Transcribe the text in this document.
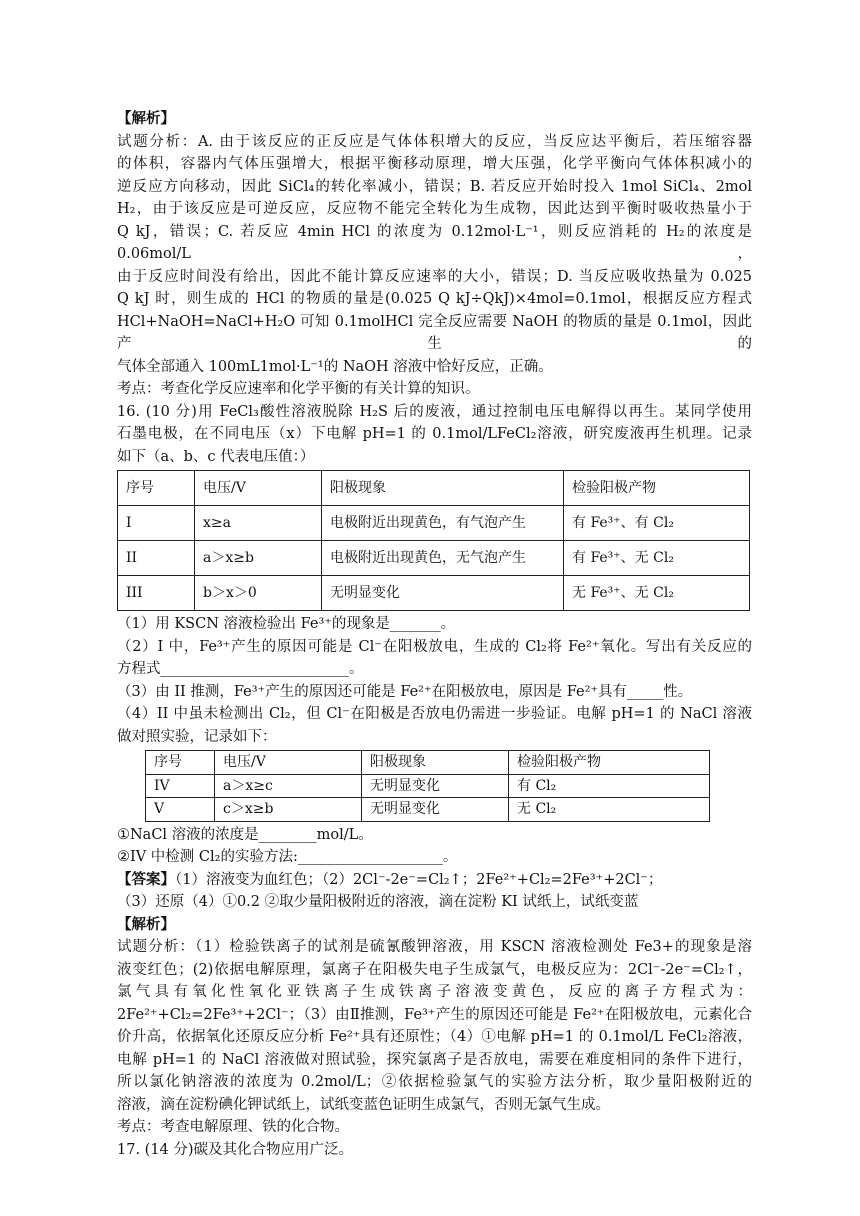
【解析】

试题分析：A. 由于该反应的正反应是气体体积增大的反应，当反应达平衡后，若压缩容器

的体积，容器内气体压强增大，根据平衡移动原理，增大压强，化学平衡向气体体积减小的

逆反应方向移动，因此 SiCl₄的转化率减小，错误；B. 若反应开始时投入 1mol SiCl₄、2mol

H₂，由于该反应是可逆反应，反应物不能完全转化为生成物，因此达到平衡时吸收热量小于

Q kJ，错误；C. 若反应 4min HCl 的浓度为 0.12mol·L⁻¹，则反应消耗的 H₂的浓度是 0.06mol/L，

由于反应时间没有给出，因此不能计算反应速率的大小，错误；D. 当反应吸收热量为 0.025

Q kJ 时，则生成的 HCl 的物质的量是(0.025 Q kJ÷QkJ)×4mol=0.1mol，根据反应方程式

HCl+NaOH=NaCl+H₂O 可知 0.1molHCl 完全反应需要 NaOH 的物质的量是 0.1mol，因此产生的

气体全部通入 100mL1mol·L⁻¹的 NaOH 溶液中恰好反应，正确。

考点：考查化学反应速率和化学平衡的有关计算的知识。

16. (10 分)用 FeCl₃酸性溶液脱除 H₂S 后的废液，通过控制电压电解得以再生。某同学使用

石墨电极，在不同电压（x）下电解 pH=1 的 0.1mol/LFeCl₂溶液，研究废液再生机理。记录

如下（a、b、c 代表电压值：）

序号	电压/V	阳极现象	检验阳极产物
I	x≥a	电极附近出现黄色，有气泡产生	有 Fe³⁺、有 Cl₂
II	a＞x≥b	电极附近出现黄色，无气泡产生	有 Fe³⁺、无 Cl₂
III	b＞x＞0	无明显变化	无 Fe³⁺、无 Cl₂

（1）用 KSCN 溶液检验出 Fe³⁺的现象是_______。

（2）I 中，Fe³⁺产生的原因可能是 Cl⁻在阳极放电，生成的 Cl₂将 Fe²⁺氧化。写出有关反应的

方程式__________________________。

（3）由 II 推测，Fe³⁺产生的原因还可能是 Fe²⁺在阳极放电，原因是 Fe²⁺具有_____性。

（4）II 中虽未检测出 Cl₂，但 Cl⁻在阳极是否放电仍需进一步验证。电解 pH=1 的 NaCl 溶液

做对照实验，记录如下：

序号	电压/V	阳极现象	检验阳极产物
IV	a＞x≥c	无明显变化	有 Cl₂
V	c＞x≥b	无明显变化	无 Cl₂

①NaCl 溶液的浓度是________mol/L。

②IV 中检测 Cl₂的实验方法:____________________。

【答案】（1）溶液变为血红色；（2）2Cl⁻-2e⁻=Cl₂↑；2Fe²⁺+Cl₂=2Fe³⁺+2Cl⁻；

（3）还原（4）①0.2 ②取少量阳极附近的溶液，滴在淀粉 KI 试纸上，试纸变蓝

【解析】

试题分析：（1）检验铁离子的试剂是硫氰酸钾溶液，用 KSCN 溶液检测处 Fe3+的现象是溶

液变红色；(2)依据电解原理，氯离子在阳极失电子生成氯气，电极反应为：2Cl⁻-2e⁻=Cl₂↑，

氯气具有氧化性氧化亚铁离子生成铁离子溶液变黄色，反应的离子方程式为：

2Fe²⁺+Cl₂=2Fe³⁺+2Cl⁻；（3）由Ⅱ推测，Fe³⁺产生的原因还可能是 Fe²⁺在阳极放电，元素化合

价升高，依据氧化还原反应分析 Fe²⁺具有还原性；（4）①电解 pH=1 的 0.1mol/L FeCl₂溶液，

电解 pH=1 的 NaCl 溶液做对照试验，探究氯离子是否放电，需要在难度相同的条件下进行，

所以氯化钠溶液的浓度为 0.2mol/L；②依据检验氯气的实验方法分析，取少量阳极附近的

溶液，滴在淀粉碘化钾试纸上，试纸变蓝色证明生成氯气，否则无氯气生成。

考点：考查电解原理、铁的化合物。

17. (14 分)碳及其化合物应用广泛。
